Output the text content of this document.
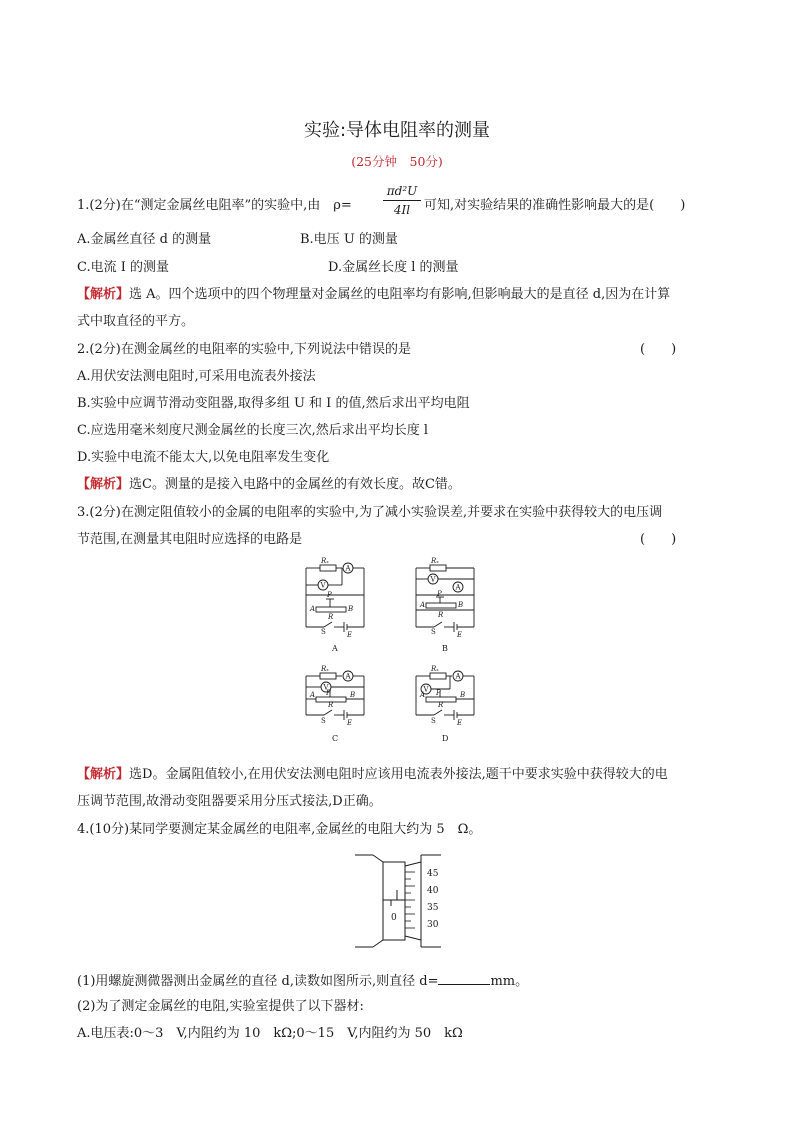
实验:导体电阻率的测量
(25分钟　50分)
1.(2分)在“测定金属丝电阻率”的实验中,由　ρ=	$\frac{\text{πd²U}}{4Il}$ 可知,对实验结果的准确性影响最大的是(　　)
A.金属丝直径 d 的测量	B.电压 U 的测量
C.电流 I 的测量	D.金属丝长度 l 的测量
【解析】选 A。四个选项中的四个物理量对金属丝的电阻率均有影响,但影响最大的是直径 d,因为在计算
式中取直径的平方。
2.(2分)在测金属丝的电阻率的实验中,下列说法中错误的是	(　　)
A.用伏安法测电阻时,可采用电流表外接法
B.实验中应调节滑动变阻器,取得多组 U 和 I 的值,然后求出平均电阻
C.应选用毫米刻度尺测金属丝的长度三次,然后求出平均长度 l
D.实验中电流不能太大,以免电阻率发生变化
【解析】选C。测量的是接入电路中的金属丝的有效长度。故C错。
3.(2分)在测定阻值较小的金属的电阻率的实验中,为了减小实验误差,并要求在实验中获得较大的电压调
节范围,在测量其电阻时应选择的电路是	(　　)
Rₓ
A
V
P
A	B
R
S	E
A
Rₓ
V
A
P
A	B
R
S	E
B
Rₓ
A
V
P
A	B
R
S	E
C
Rₓ
A
V P
A	B
R
S	E
D
【解析】选D。金属阻值较小,在用伏安法测电阻时应该用电流表外接法,题干中要求实验中获得较大的电
压调节范围,故滑动变阻器要采用分压式接法,D正确。
4.(10分)某同学要测定某金属丝的电阻率,金属丝的电阻大约为 5　Ω。
45
40
35
30
0
(1)用螺旋测微器测出金属丝的直径 d,读数如图所示,则直径 d=	mm。
(2)为了测定金属丝的电阻,实验室提供了以下器材:
A.电压表:0～3　V,内阻约为 10　kΩ;0～15　V,内阻约为 50　kΩ
